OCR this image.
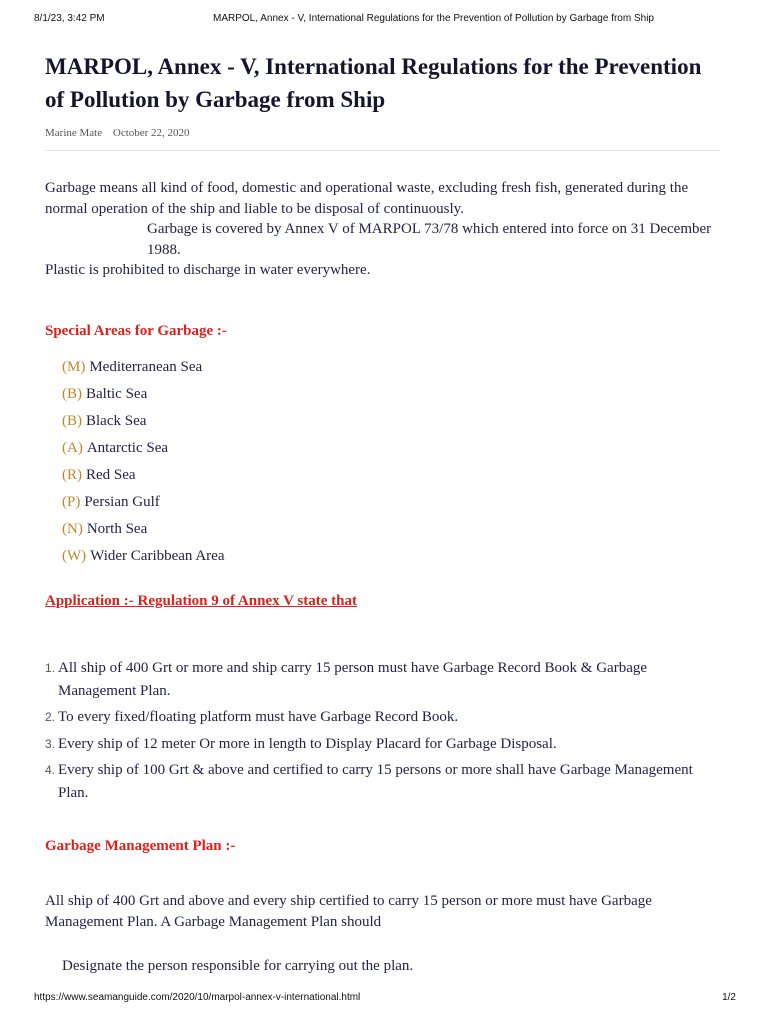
8/1/23, 3:42 PM	MARPOL, Annex - V, International Regulations for the Prevention of Pollution by Garbage from Ship
MARPOL, Annex - V, International Regulations for the Prevention of Pollution by Garbage from Ship
Marine Mate October 22, 2020
Garbage means all kind of food, domestic and operational waste, excluding fresh fish, generated during the normal operation of the ship and liable to be disposal of continuously.
Garbage is covered by Annex V of MARPOL 73/78 which entered into force on 31 December 1988.
Plastic is prohibited to discharge in water everywhere.
Special Areas for Garbage :-
(M) Mediterranean Sea
(B) Baltic Sea
(B) Black Sea
(A) Antarctic Sea
(R) Red Sea
(P) Persian Gulf
(N) North Sea
(W) Wider Caribbean Area
Application :- Regulation 9 of Annex V state that
1. All ship of 400 Grt or more and ship carry 15 person must have Garbage Record Book & Garbage Management Plan.
2. To every fixed/floating platform must have Garbage Record Book.
3. Every ship of 12 meter Or more in length to Display Placard for Garbage Disposal.
4. Every ship of 100 Grt & above and certified to carry 15 persons or more shall have Garbage Management Plan.
Garbage Management Plan :-

All ship of 400 Grt and above and every ship certified to carry 15 person or more must have Garbage Management Plan. A Garbage Management Plan should

Designate the person responsible for carrying out the plan.

https://www.seamanguide.com/2020/10/marpol-annex-v-international.html	1/2
